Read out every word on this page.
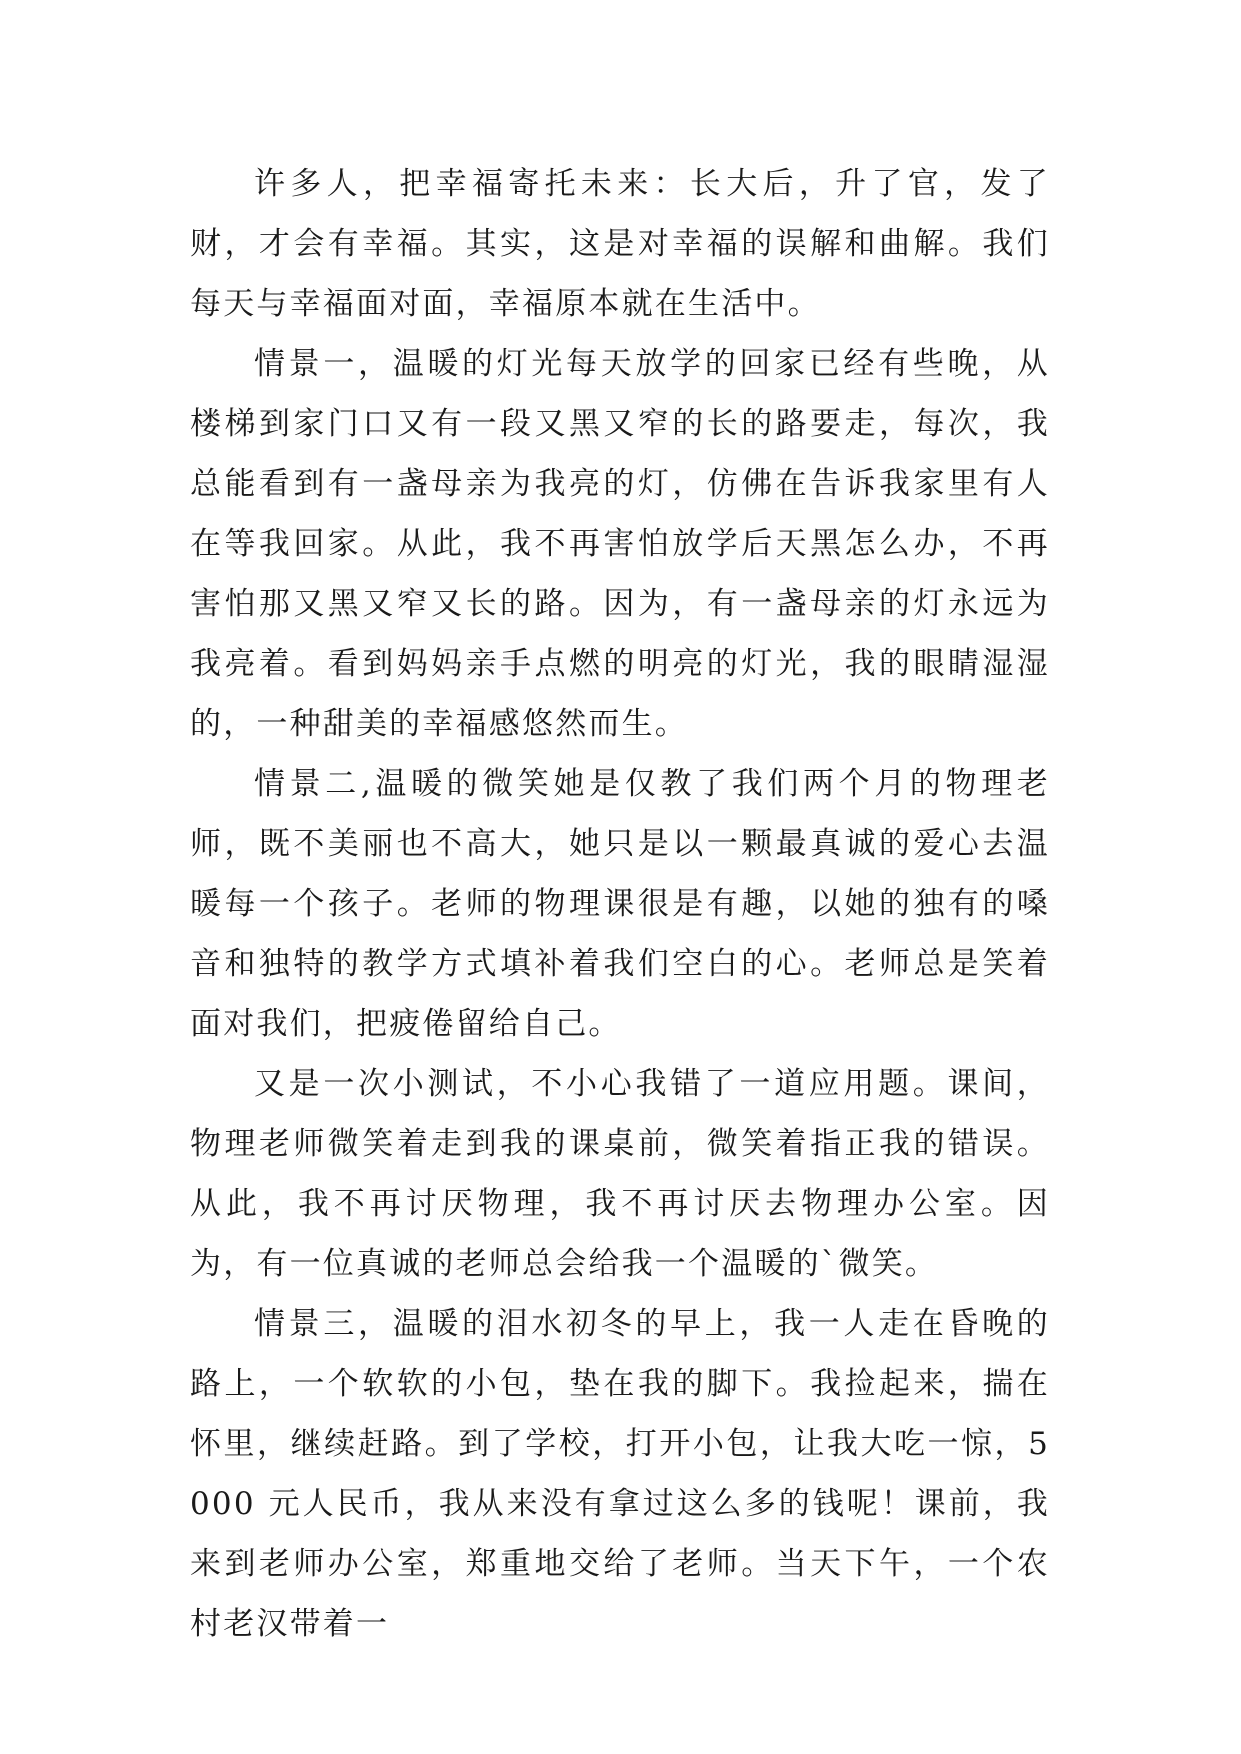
许多人，把幸福寄托未来：长大后，升了官，发了财，才会有幸福。其实，这是对幸福的误解和曲解。我们每天与幸福面对面，幸福原本就在生活中。

情景一，温暖的灯光每天放学的回家已经有些晚，从楼梯到家门口又有一段又黑又窄的长的路要走，每次，我总能看到有一盏母亲为我亮的灯，仿佛在告诉我家里有人在等我回家。从此，我不再害怕放学后天黑怎么办，不再害怕那又黑又窄又长的路。因为，有一盏母亲的灯永远为我亮着。看到妈妈亲手点燃的明亮的灯光，我的眼睛湿湿的，一种甜美的幸福感悠然而生。

情景二,温暖的微笑她是仅教了我们两个月的物理老师，既不美丽也不高大，她只是以一颗最真诚的爱心去温暖每一个孩子。老师的物理课很是有趣，以她的独有的嗓音和独特的教学方式填补着我们空白的心。老师总是笑着面对我们，把疲倦留给自己。

又是一次小测试，不小心我错了一道应用题。课间，物理老师微笑着走到我的课桌前，微笑着指正我的错误。从此，我不再讨厌物理，我不再讨厌去物理办公室。因为，有一位真诚的老师总会给我一个温暖的`微笑。

情景三，温暖的泪水初冬的早上，我一人走在昏晚的路上，一个软软的小包，垫在我的脚下。我捡起来，揣在怀里，继续赶路。到了学校，打开小包，让我大吃一惊，5000 元人民币，我从来没有拿过这么多的钱呢！课前，我来到老师办公室，郑重地交给了老师。当天下午，一个农村老汉带着一
